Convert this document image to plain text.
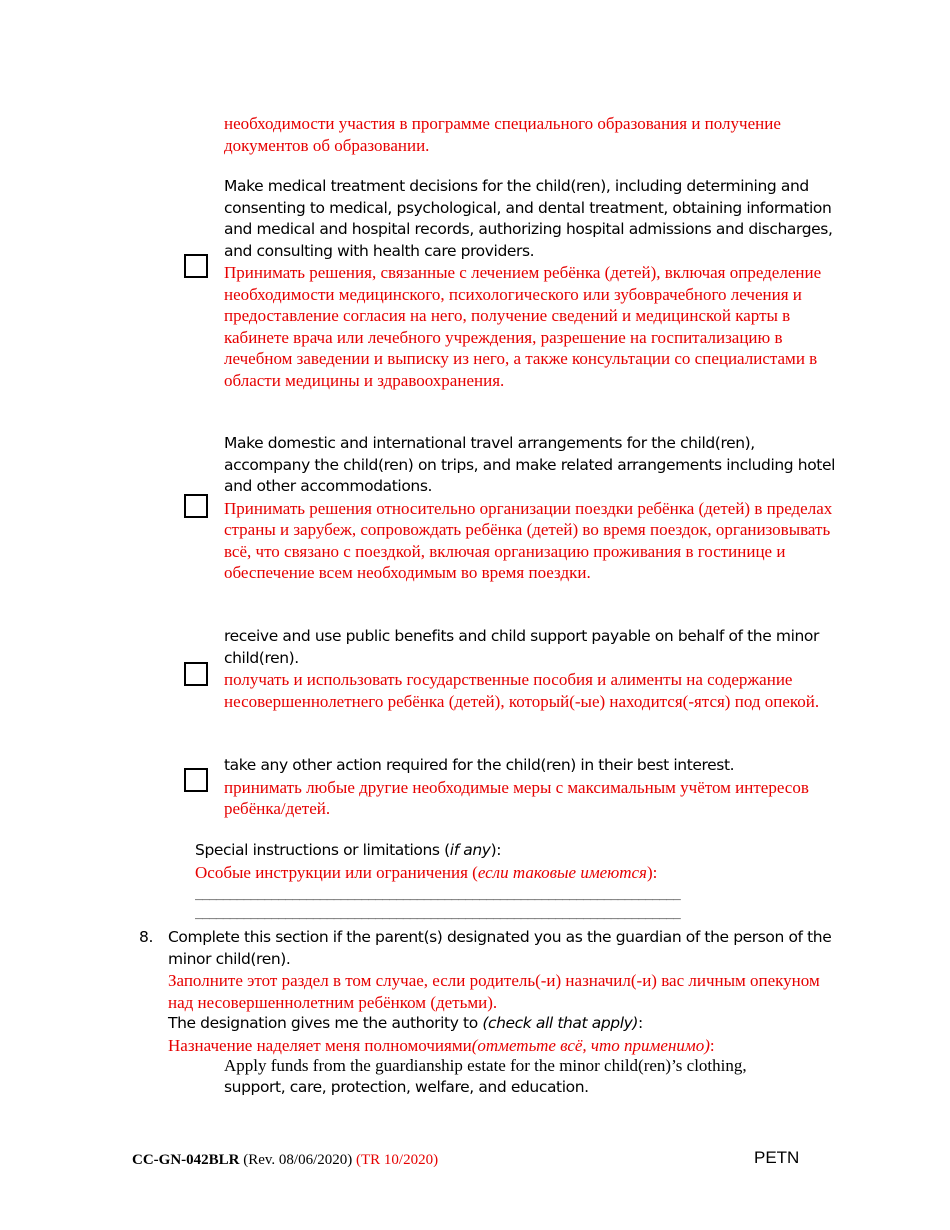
необходимости участия в программе специального образования и получение документов об образовании.

Make medical treatment decisions for the child(ren), including determining and consenting to medical, psychological, and dental treatment, obtaining information and medical and hospital records, authorizing hospital admissions and discharges, and consulting with health care providers.

Принимать решения, связанные с лечением ребёнка (детей), включая определение необходимости медицинского, психологического или зубоврачебного лечения и предоставление согласия на него, получение сведений и медицинской карты в кабинете врача или лечебного учреждения, разрешение на госпитализацию в лечебном заведении и выписку из него, а также консультации со специалистами в области медицины и здравоохранения.

Make domestic and international travel arrangements for the child(ren), accompany the child(ren) on trips, and make related arrangements including hotel and other accommodations.

Принимать решения относительно организации поездки ребёнка (детей) в пределах страны и зарубеж, сопровождать ребёнка (детей) во время поездок, организовывать всё, что связано с поездкой, включая организацию проживания в гостинице и обеспечение всем необходимым во время поездки.

receive and use public benefits and child support payable on behalf of the minor child(ren).

получать и использовать государственные пособия и алименты на содержание несовершеннолетнего ребёнка (детей), который(-ые) находится(-ятся) под опекой.

take any other action required for the child(ren) in their best interest.

принимать любые другие необходимые меры с максимальным учётом интересов ребёнка/детей.

Special instructions or limitations (if any):

Особые инструкции или ограничения (если таковые имеются):

______________________________________________________________________
______________________________________________________________________
8. Complete this section if the parent(s) designated you as the guardian of the person of the minor child(ren).

Заполните этот раздел в том случае, если родитель(-и) назначил(-и) вас личным опекуном над несовершеннолетним ребёнком (детьми).

The designation gives me the authority to (check all that apply):

Назначение наделяет меня полномочиями(отметьте всё, что применимо):

Apply funds from the guardianship estate for the minor child(ren)’s clothing,

support, care, protection, welfare, and education.

CC-GN-042BLR (Rev. 08/06/2020) (TR 10/2020)	PETN
